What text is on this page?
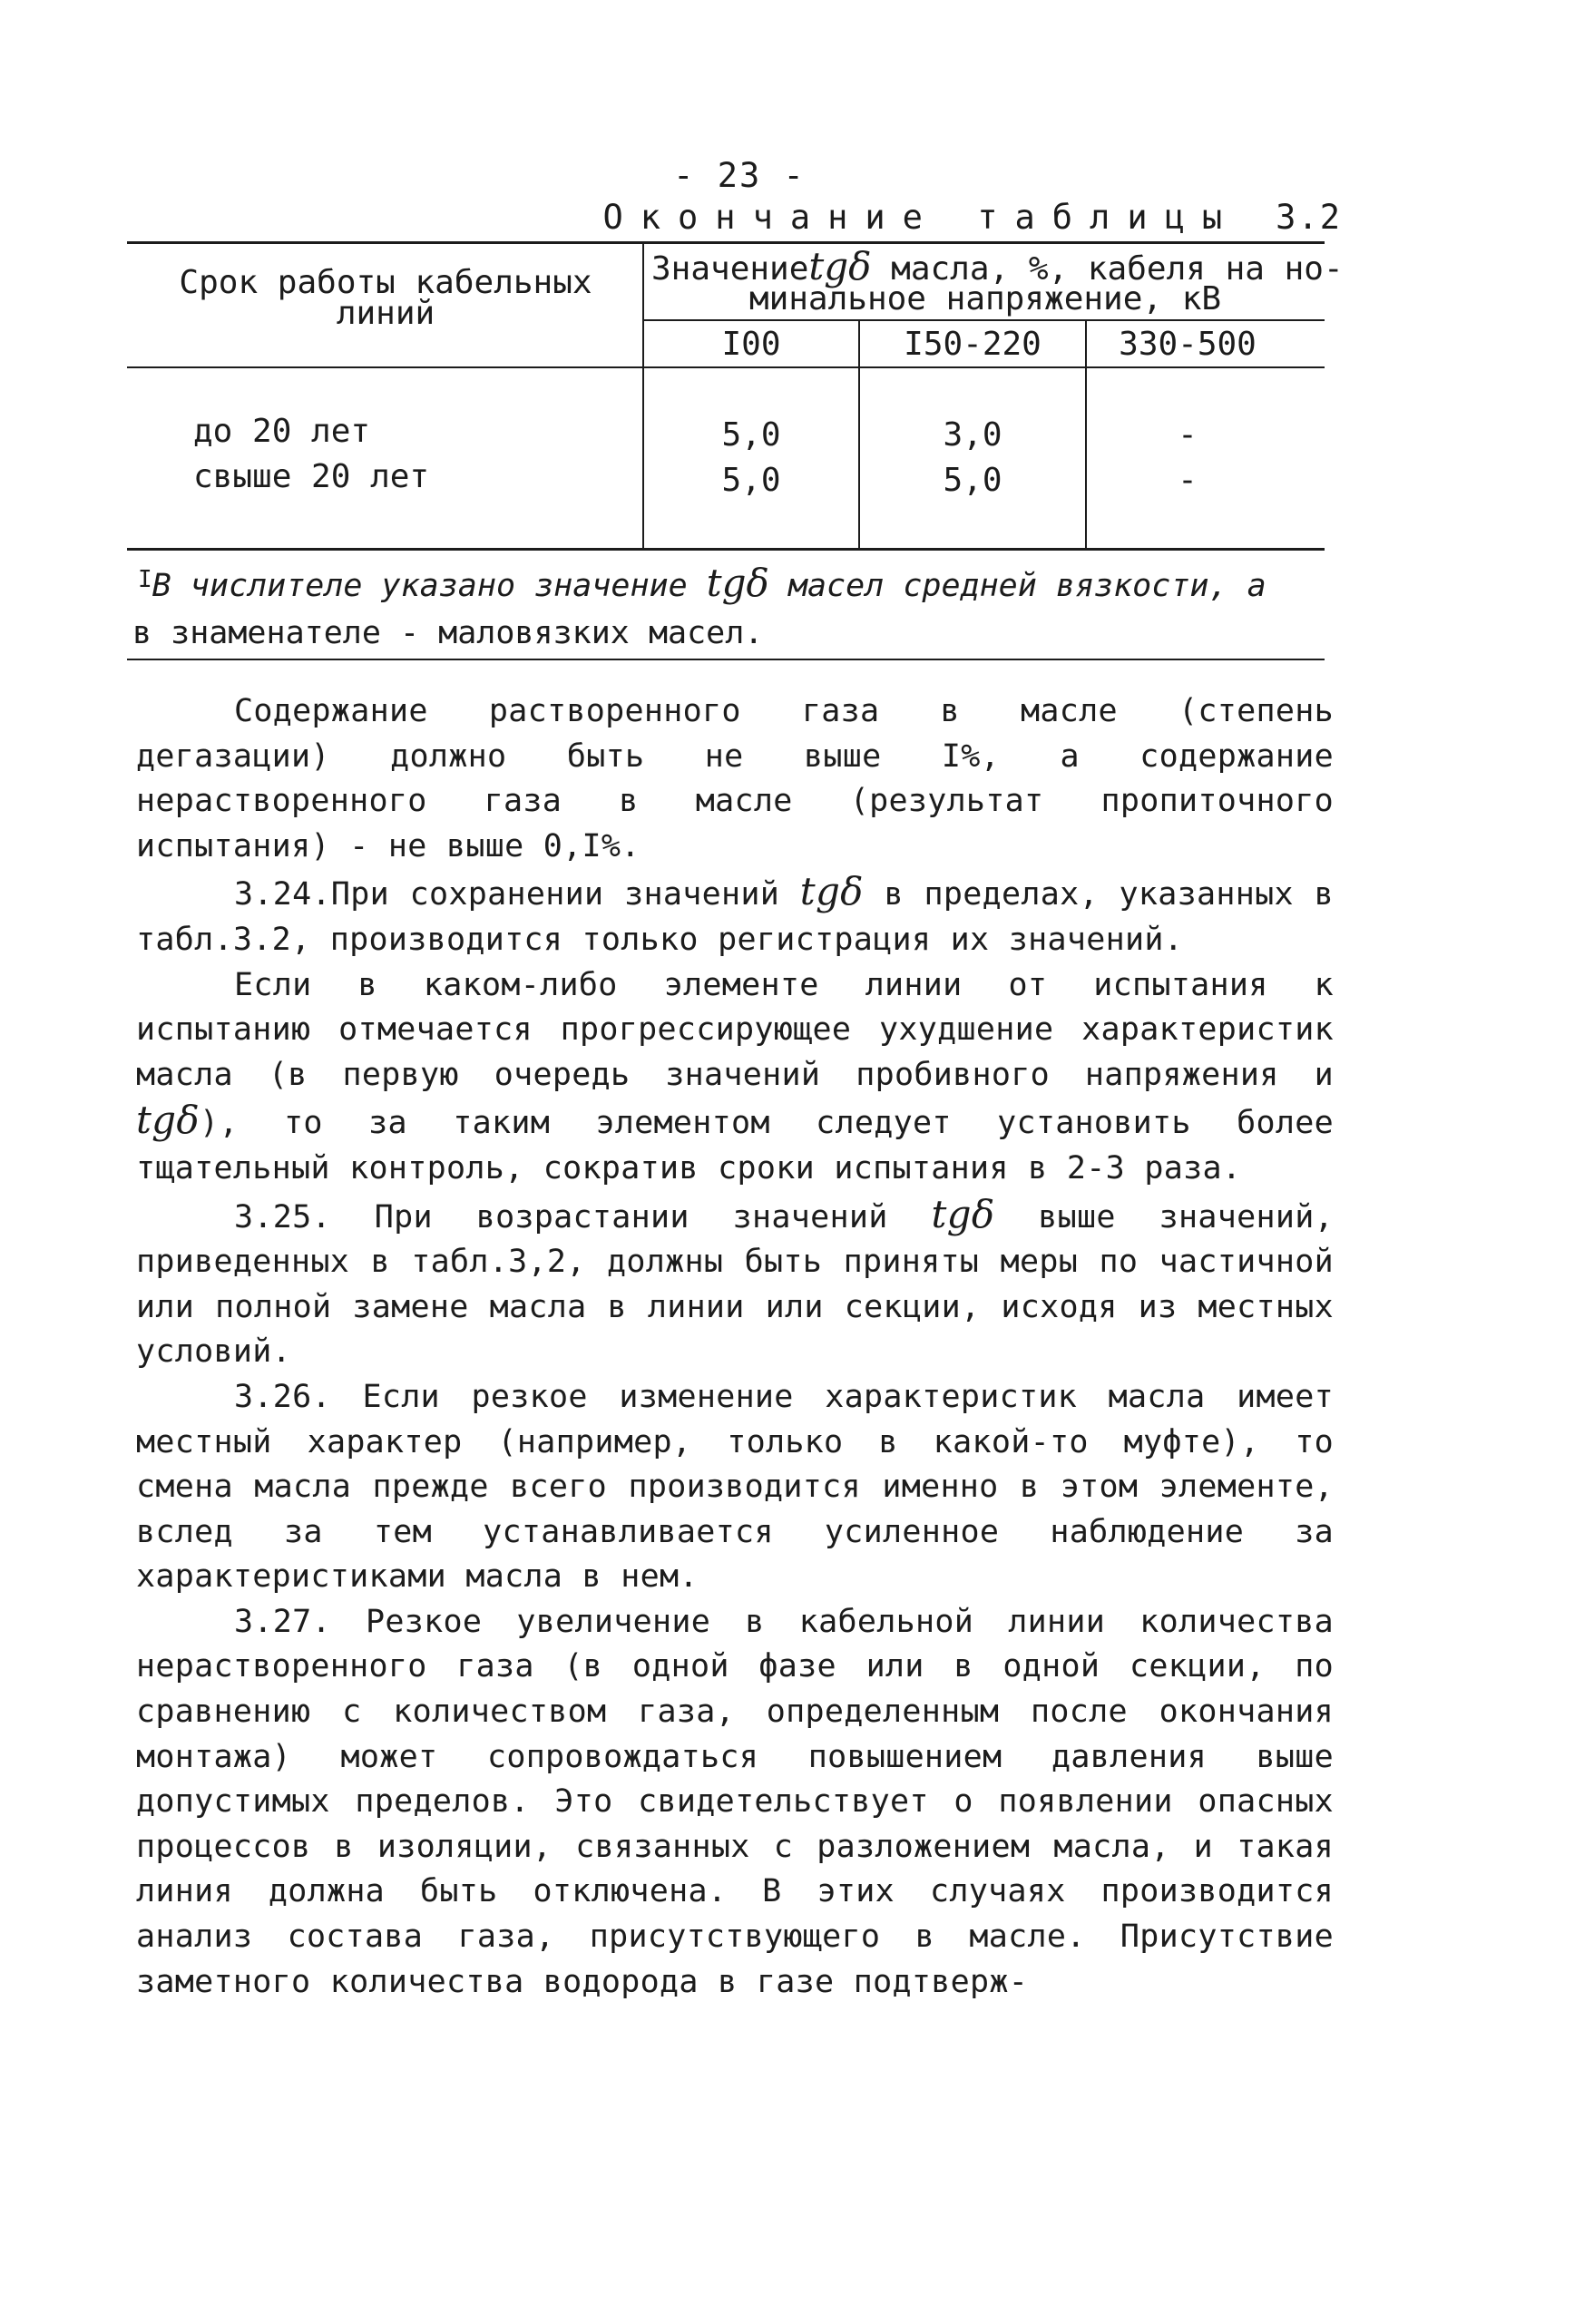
- 23 -
Окончание таблицы 3.2
Срок работы кабельных
линий
Значениеtgδ масла, %, кабеля на но-
минальное напряжение, кВ
I00	I50-220	330-500
до 20 лет	5,0	3,0	-
свыше 20 лет	5,0	5,0	-
$^I$В числителе указано значение tgδ масел средней вязкости, а
в знаменателе - маловязких масел.

Содержание растворенного газа в масле (степень дегазации) должно быть не выше I%, а содержание нерастворенного газа в масле (результат пропиточного испытания) - не выше 0,I%.

3.24.При сохранении значений tgδ в пределах, указанных в табл.3.2, производится только регистрация их значений.

Если в каком-либо элементе линии от испытания к испытанию отмечается прогрессирующее ухудшение характеристик масла (в первую очередь значений пробивного напряжения и tgδ), то за таким элементом следует установить более тщательный контроль, сократив сроки испытания в 2-3 раза.

3.25. При возрастании значений tgδ выше значений, приведенных в табл.3,2, должны быть приняты меры по частичной или полной замене масла в линии или секции, исходя из местных условий.

3.26. Если резкое изменение характеристик масла имеет местный характер (например, только в какой-то муфте), то смена масла прежде всего производится именно в этом элементе, вслед за тем устанавливается усиленное наблюдение за характеристиками масла в нем.

3.27. Резкое увеличение в кабельной линии количества нерастворенного газа (в одной фазе или в одной секции, по сравнению с количеством газа, определенным после окончания монтажа) может сопровождаться повышением давления выше допустимых пределов. Это свидетельствует о появлении опасных процессов в изоляции, связанных с разложением масла, и такая линия должна быть отключена. В этих случаях производится анализ состава газа, присутствующего в масле. Присутствие заметного количества водорода в газе подтверж-
